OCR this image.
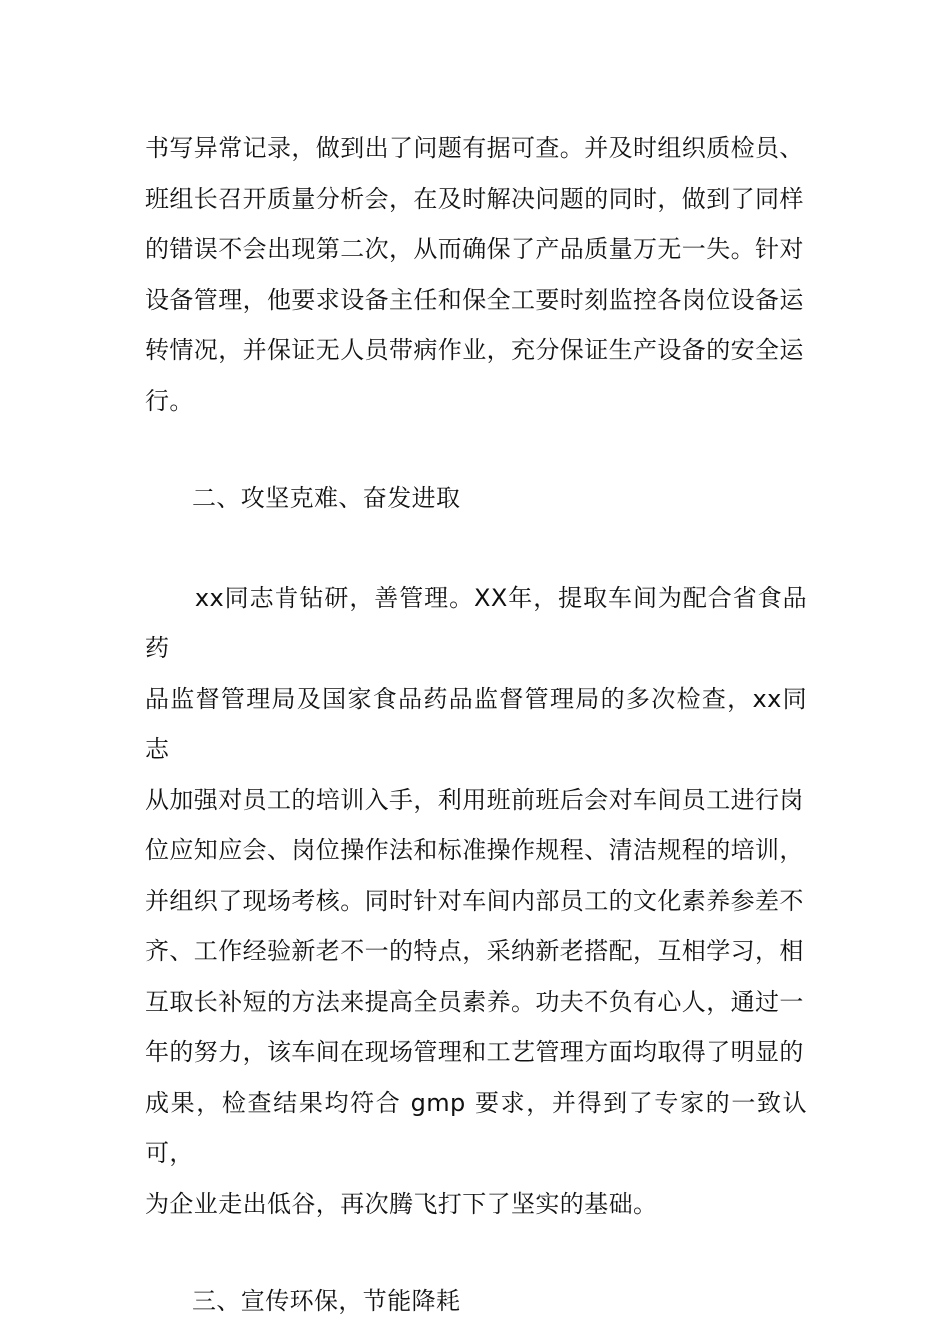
书写异常记录，做到出了问题有据可查。并及时组织质检员、
班组长召开质量分析会，在及时解决问题的同时，做到了同样
的错误不会出现第二次，从而确保了产品质量万无一失。针对
设备管理，他要求设备主任和保全工要时刻监控各岗位设备运
转情况，并保证无人员带病作业，充分保证生产设备的安全运
行。

二、攻坚克难、奋发进取

　　xx同志肯钻研，善管理。XX年，提取车间为配合省食品药
品监督管理局及国家食品药品监督管理局的多次检查，xx同志
从加强对员工的培训入手，利用班前班后会对车间员工进行岗
位应知应会、岗位操作法和标准操作规程、清洁规程的培训，
并组织了现场考核。同时针对车间内部员工的文化素养参差不
齐、工作经验新老不一的特点，采纳新老搭配，互相学习，相
互取长补短的方法来提高全员素养。功夫不负有心人，通过一
年的努力，该车间在现场管理和工艺管理方面均取得了明显的
成果，检查结果均符合 gmp 要求，并得到了专家的一致认可，
为企业走出低谷，再次腾飞打下了坚实的基础。

三、宣传环保，节能降耗
